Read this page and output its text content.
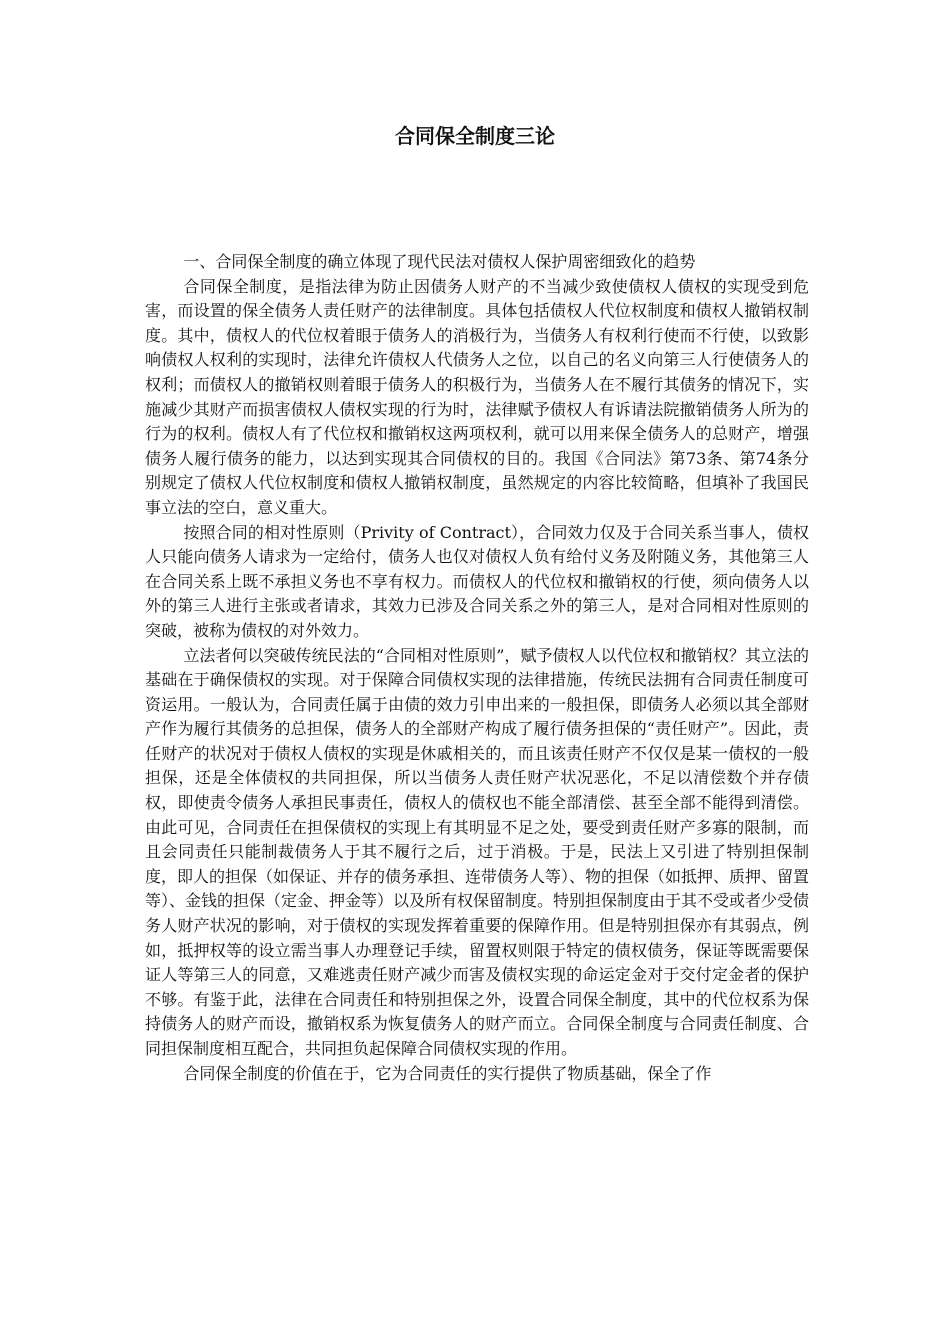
合同保全制度三论

一、合同保全制度的确立体现了现代民法对债权人保护周密细致化的趋势

合同保全制度，是指法律为防止因债务人财产的不当减少致使债权人债权的实现受到危害，而设置的保全债务人责任财产的法律制度。具体包括债权人代位权制度和债权人撤销权制度。其中，债权人的代位权着眼于债务人的消极行为，当债务人有权利行使而不行使，以致影响债权人权利的实现时，法律允许债权人代债务人之位，以自己的名义向第三人行使债务人的权利；而债权人的撤销权则着眼于债务人的积极行为，当债务人在不履行其债务的情况下，实施减少其财产而损害债权人债权实现的行为时，法律赋予债权人有诉请法院撤销债务人所为的行为的权利。债权人有了代位权和撤销权这两项权利，就可以用来保全债务人的总财产，增强债务人履行债务的能力，以达到实现其合同债权的目的。我国《合同法》第73条、第74条分别规定了债权人代位权制度和债权人撤销权制度，虽然规定的内容比较简略，但填补了我国民事立法的空白，意义重大。

按照合同的相对性原则（Privity of Contract），合同效力仅及于合同关系当事人，债权人只能向债务人请求为一定给付，债务人也仅对债权人负有给付义务及附随义务，其他第三人在合同关系上既不承担义务也不享有权力。而债权人的代位权和撤销权的行使，须向债务人以外的第三人进行主张或者请求，其效力已涉及合同关系之外的第三人，是对合同相对性原则的突破，被称为债权的对外效力。

立法者何以突破传统民法的“合同相对性原则”，赋予债权人以代位权和撤销权？其立法的基础在于确保债权的实现。对于保障合同债权实现的法律措施，传统民法拥有合同责任制度可资运用。一般认为，合同责任属于由债的效力引申出来的一般担保，即债务人必须以其全部财产作为履行其债务的总担保，债务人的全部财产构成了履行债务担保的“责任财产”。因此，责任财产的状况对于债权人债权的实现是休戚相关的，而且该责任财产不仅仅是某一债权的一般担保，还是全体债权的共同担保，所以当债务人责任财产状况恶化，不足以清偿数个并存债权，即使责令债务人承担民事责任，债权人的债权也不能全部清偿、甚至全部不能得到清偿。由此可见，合同责任在担保债权的实现上有其明显不足之处，要受到责任财产多寡的限制，而且会同责任只能制裁债务人于其不履行之后，过于消极。于是，民法上又引进了特别担保制度，即人的担保（如保证、并存的债务承担、连带债务人等）、物的担保（如抵押、质押、留置等）、金钱的担保（定金、押金等）以及所有权保留制度。特别担保制度由于其不受或者少受债务人财产状况的影响，对于债权的实现发挥着重要的保障作用。但是特别担保亦有其弱点，例如，抵押权等的设立需当事人办理登记手续，留置权则限于特定的债权债务，保证等既需要保证人等第三人的同意，又难逃责任财产减少而害及债权实现的命运定金对于交付定金者的保护不够。有鉴于此，法律在合同责任和特别担保之外，设置合同保全制度，其中的代位权系为保持债务人的财产而设，撤销权系为恢复债务人的财产而立。合同保全制度与合同责任制度、合同担保制度相互配合，共同担负起保障合同债权实现的作用。

合同保全制度的价值在于，它为合同责任的实行提供了物质基础，保全了作
